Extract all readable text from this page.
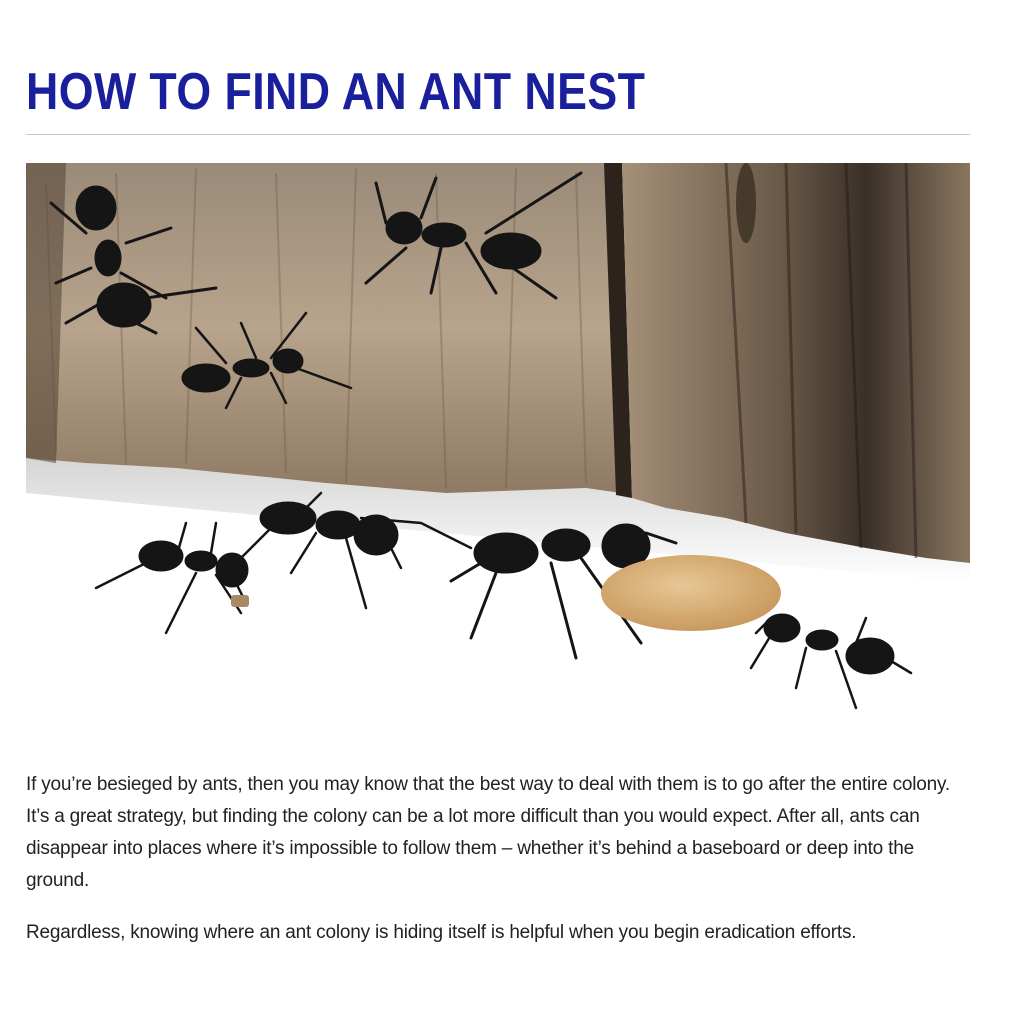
HOW TO FIND AN ANT NEST

If you’re besieged by ants, then you may know that the best way to deal with them is to go after the entire colony. It’s a great strategy, but finding the colony can be a lot more difficult than you would expect. After all, ants can disappear into places where it’s impossible to follow them – whether it’s behind a baseboard or deep into the ground.

Regardless, knowing where an ant colony is hiding itself is helpful when you begin eradication efforts.
